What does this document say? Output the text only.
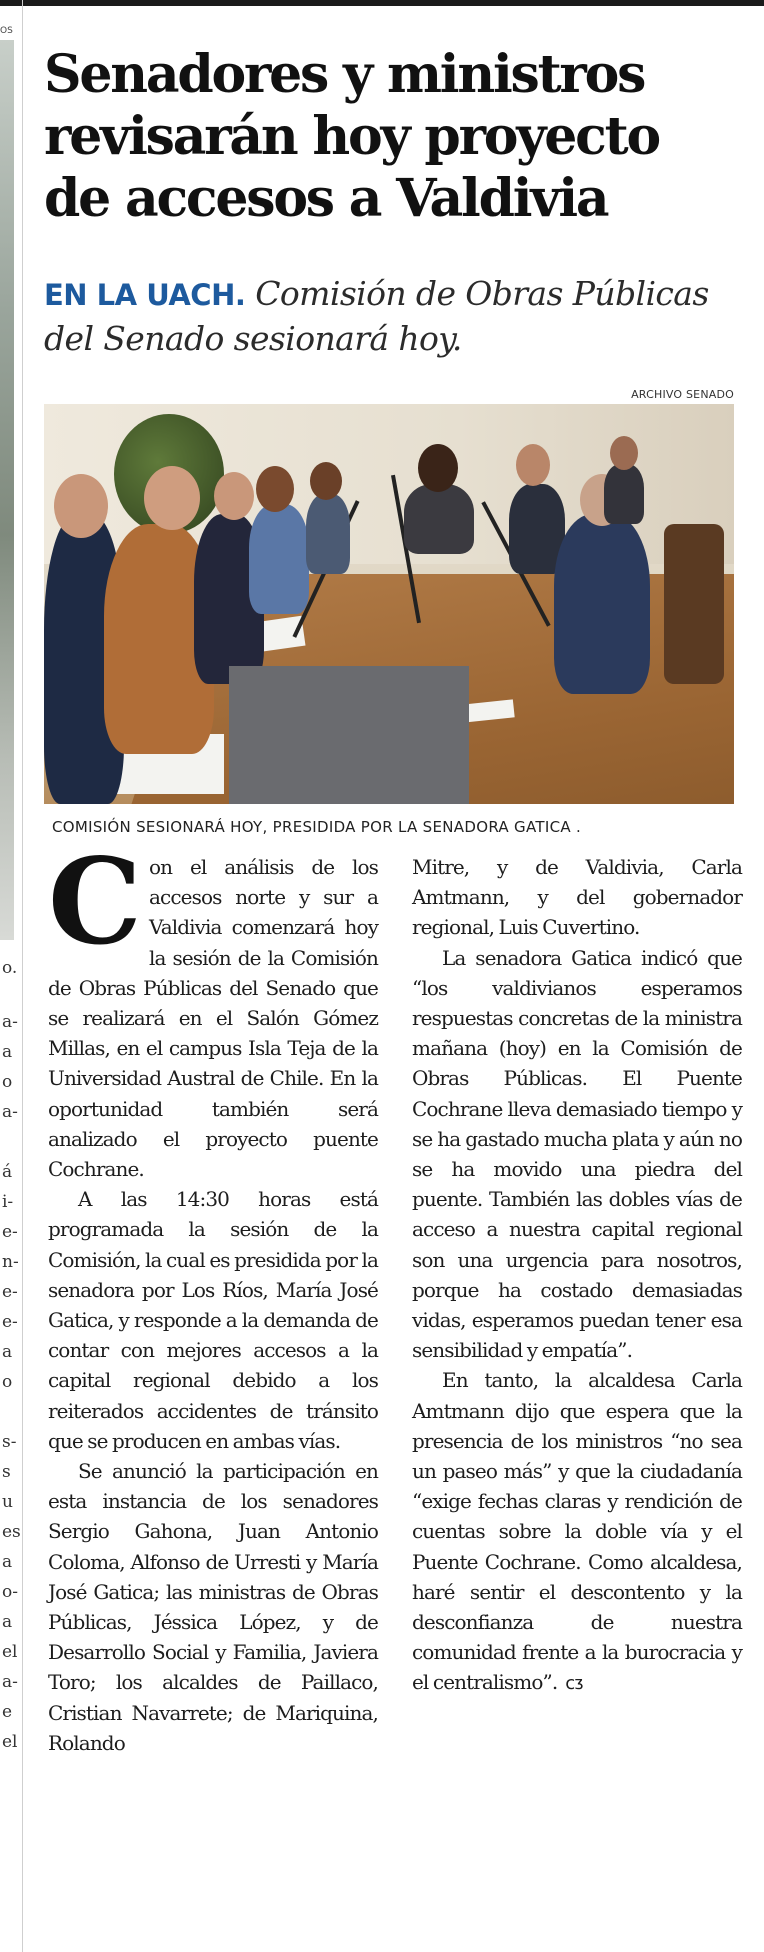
OS
o.
a-
a
o
a-
á
i-
e-
n-
e-
e-
a
o
s-
s
u
es
a
o-
a
el
a-
e
el
Senadores y ministros revisarán hoy proyecto de accesos a Valdivia

EN LA UACH. Comisión de Obras Públicas del Senado sesionará hoy.

ARCHIVO SENADO

COMISIÓN SESIONARÁ HOY, PRESIDIDA POR LA SENADORA GATICA .

C on el análisis de los accesos norte y sur a Valdivia comenzará hoy la sesión de la Comisión de Obras Públicas del Senado que se realizará en el Salón Gómez Millas, en el campus Isla Teja de la Universidad Austral de Chile. En la oportunidad también será analizado el proyecto puente Cochrane.

A las 14:30 horas está programada la sesión de la Comisión, la cual es presidida por la senadora por Los Ríos, María José Gatica, y responde a la demanda de contar con mejores accesos a la capital regional debido a los reiterados accidentes de tránsito que se producen en ambas vías.

Se anunció la participación en esta instancia de los senadores Sergio Gahona, Juan Antonio Coloma, Alfonso de Urresti y María José Gatica; las ministras de Obras Públicas, Jéssica López, y de Desarrollo Social y Familia, Javiera Toro; los alcaldes de Paillaco, Cristian Navarrete; de Mariquina, Rolando

Mitre, y de Valdivia, Carla Amtmann, y del gobernador regional, Luis Cuvertino.

La senadora Gatica indicó que “los valdivianos esperamos respuestas concretas de la ministra mañana (hoy) en la Comisión de Obras Públicas. El Puente Cochrane lleva demasiado tiempo y se ha gastado mucha plata y aún no se ha movido una piedra del puente. También las dobles vías de acceso a nuestra capital regional son una urgencia para nosotros, porque ha costado demasiadas vidas, esperamos puedan tener esa sensibilidad y empatía”.

En tanto, la alcaldesa Carla Amtmann dijo que espera que la presencia de los ministros “no sea un paseo más” y que la ciudadanía “exige fechas claras y rendición de cuentas sobre la doble vía y el Puente Cochrane. Como alcaldesa, haré sentir el descontento y la desconfianza de nuestra comunidad frente a la burocracia y el centralismo”. ᴄᴣ
